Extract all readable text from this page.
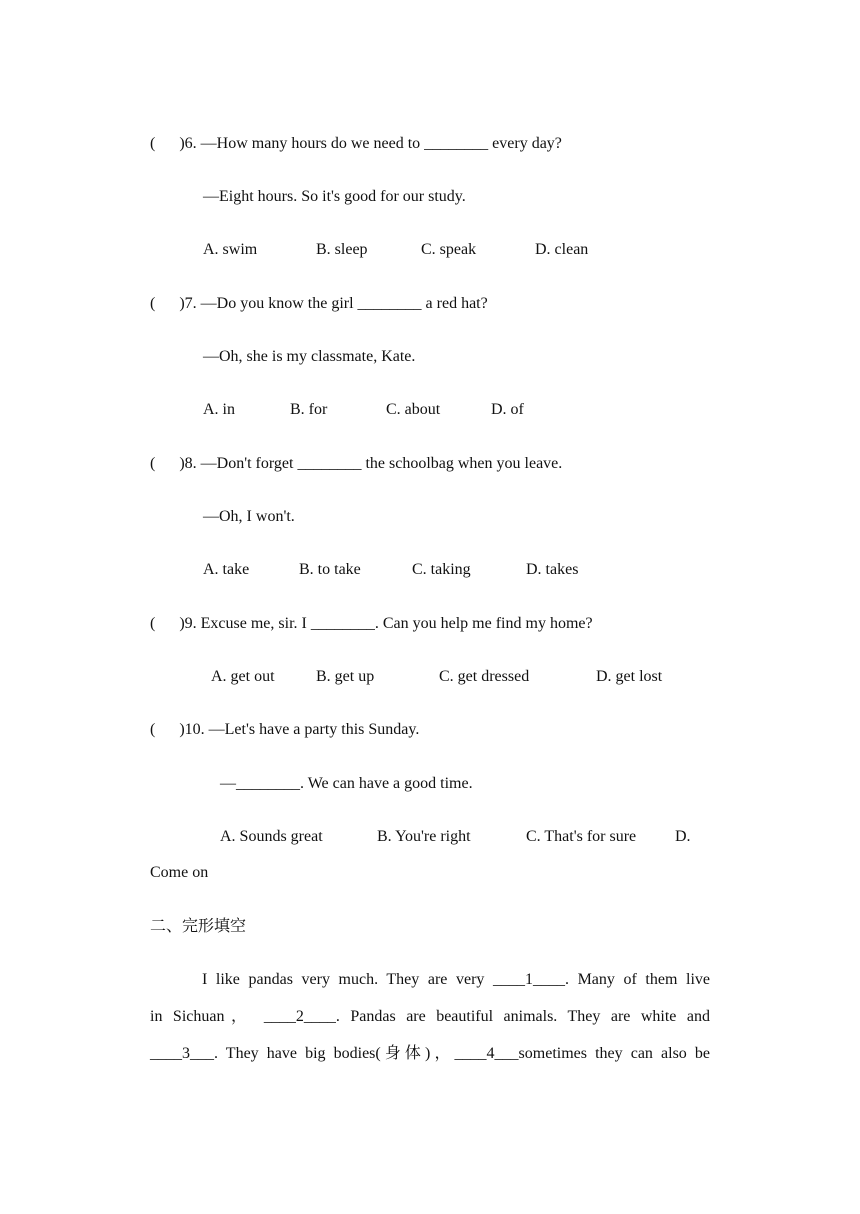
(      )6. —How many hours do we need to ________ every day?
—Eight hours. So it's good for our study.
A. swim	B. sleep	C. speak	D. clean
(      )7. —Do you know the girl ________ a red hat?
—Oh, she is my classmate, Kate.
A. in	B. for	C. about	D. of
(      )8. —Don't forget ________ the schoolbag when you leave.
—Oh, I won't.
A. take	B. to take	C. taking	D. takes
(      )9. Excuse me, sir. I ________. Can you help me find my home?
A. get out	B. get up	C. get dressed	D. get lost
(      )10. —Let's have a party this Sunday.
—________. We can have a good time.
A. Sounds great	B. You're right	C. That's for sure D.
Come on
二、完形填空
I like pandas very much. They are very ____1____. Many of them live
in Sichuan， ____2____. Pandas are beautiful animals. They are white and
____3___. They have big bodies(身体)，____4___sometimes they can also be
